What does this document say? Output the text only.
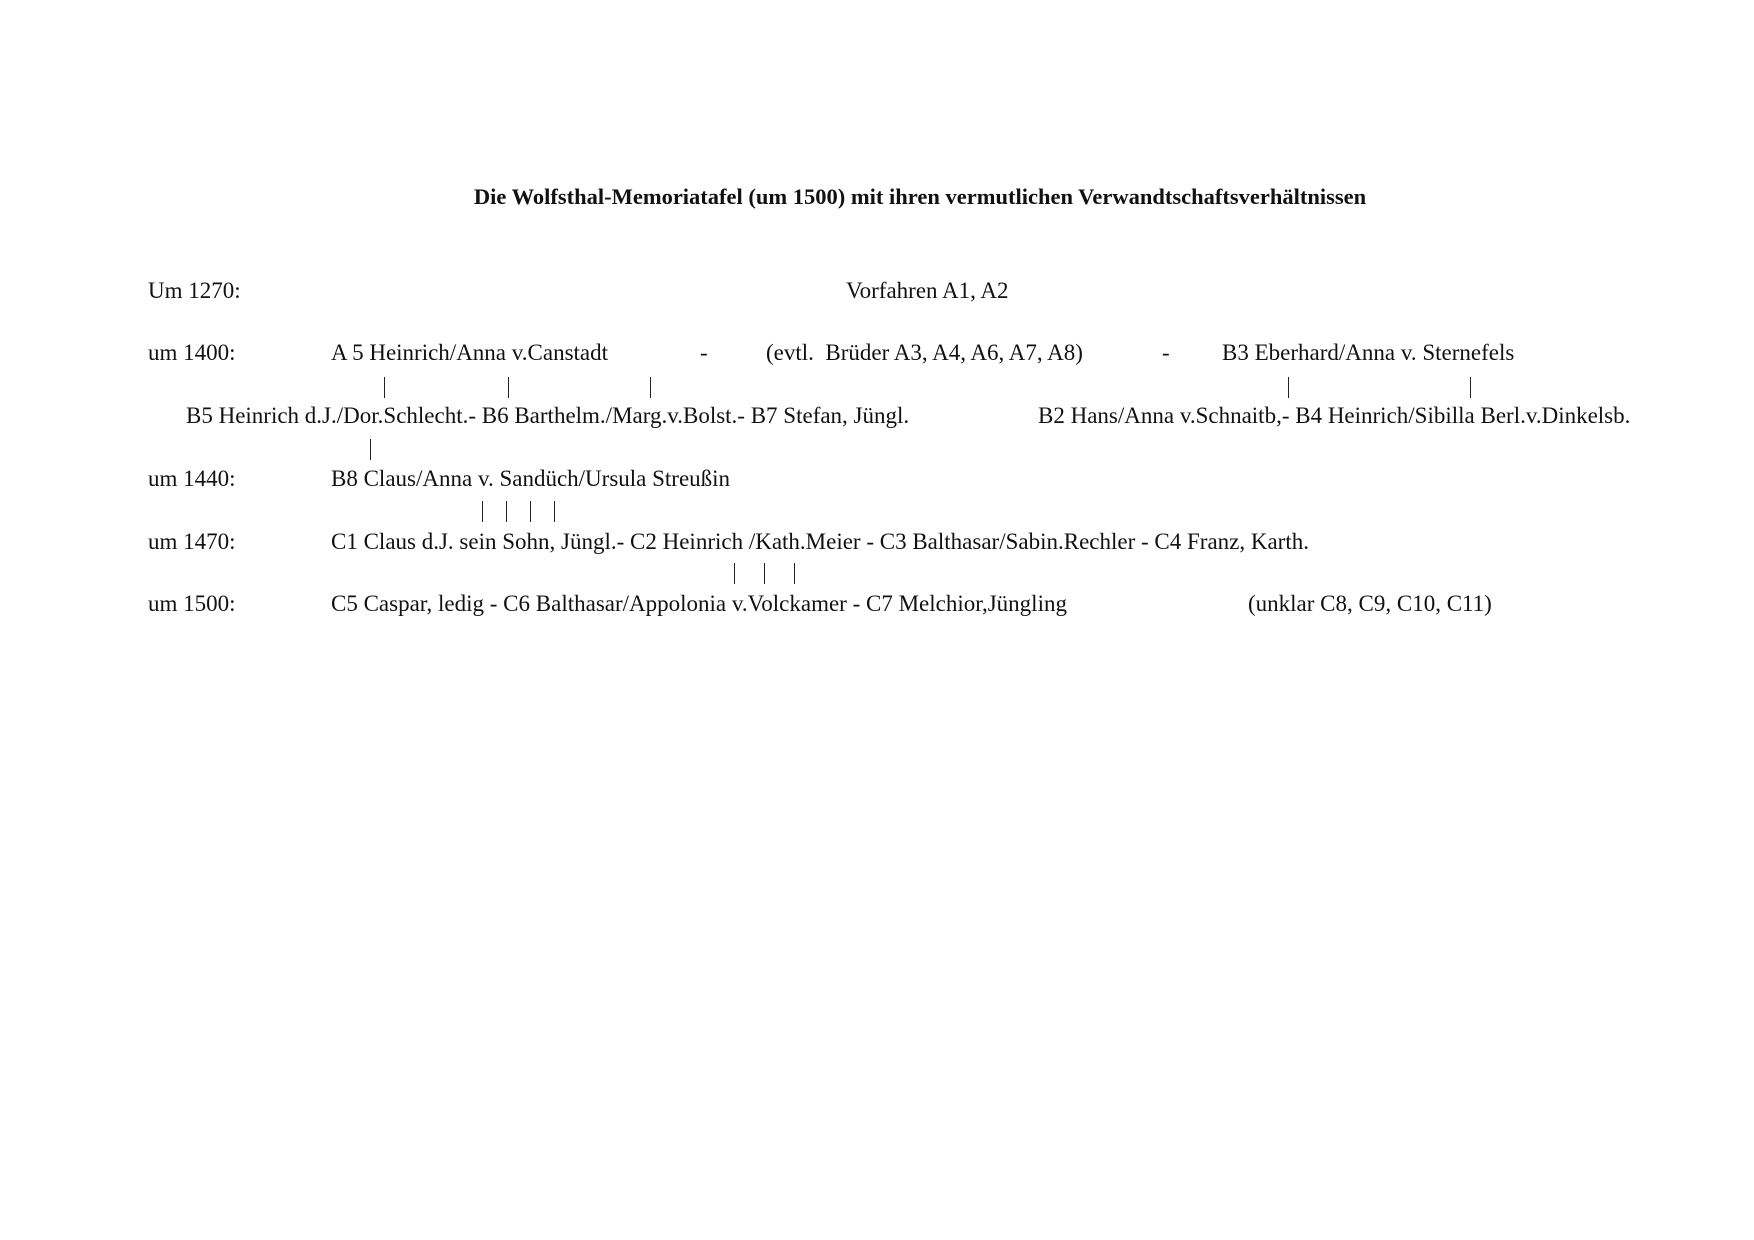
Die Wolfsthal-Memoriatafel (um 1500) mit ihren vermutlichen Verwandtschaftsverhältnissen
Um 1270:	Vorfahren A1, A2
um 1400:	A 5 Heinrich/Anna v.Canstadt	-	(evtl.  Brüder A3, A4, A6, A7, A8)	- B3 Eberhard/Anna v. Sternefels
B5 Heinrich d.J./Dor.Schlecht.- B6 Barthelm./Marg.v.Bolst.- B7 Stefan, Jüngl.	B2 Hans/Anna v.Schnaitb,- B4 Heinrich/Sibilla Berl.v.Dinkelsb.
um 1440:	B8 Claus/Anna v. Sandüch/Ursula Streußin
um 1470:	C1 Claus d.J. sein Sohn, Jüngl.- C2 Heinrich /Kath.Meier - C3 Balthasar/Sabin.Rechler - C4 Franz, Karth.
um 1500:	C5 Caspar, ledig - C6 Balthasar/Appolonia v.Volckamer - C7 Melchior,Jüngling	(unklar C8, C9, C10, C11)
